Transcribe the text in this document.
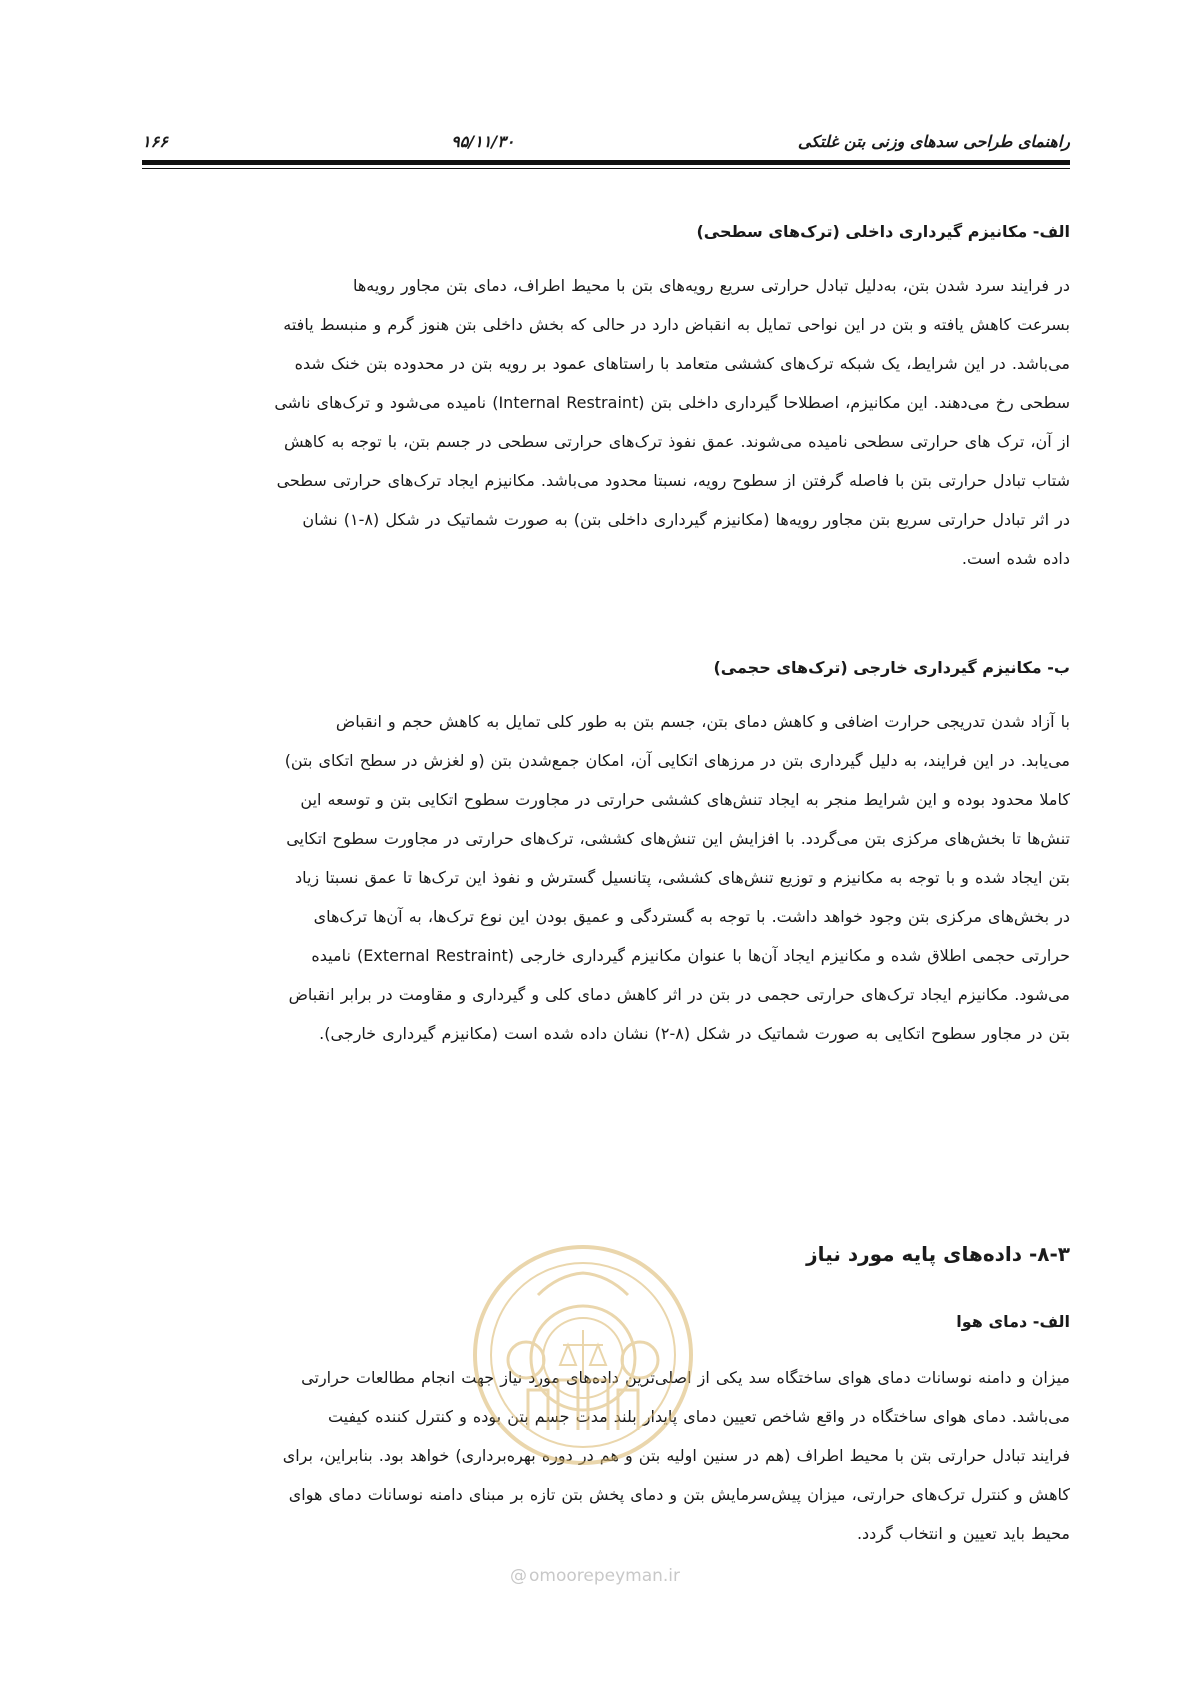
راهنمای طراحی سدهای وزنی بتن غلتکی
۹۵/۱۱/۳۰
۱۶۶
الف- مکانیزم گیرداری داخلی (ترک‌های سطحی)

در فرایند سرد شدن بتن، به‌دلیل تبادل حرارتی سریع رویه‌های بتن با محیط اطراف، دمای بتن مجاور رویه‌ها

بسرعت کاهش یافته و بتن در این نواحی تمایل به انقباض دارد در حالی که بخش داخلی بتن هنوز گرم و منبسط یافته

می‌باشد. در این شرایط، یک شبکه ترک‌های کششی متعامد با راستاهای عمود بر رویه بتن در محدوده بتن خنک شده

سطحی رخ می‌دهند. این مکانیزم، اصطلاحا گیرداری داخلی بتن (Internal Restraint) نامیده می‌شود و ترک‌های ناشی

از آن، ترک های حرارتی سطحی نامیده می‌شوند. عمق نفوذ ترک‌های حرارتی سطحی در جسم بتن، با توجه به کاهش

شتاب تبادل حرارتی بتن با فاصله گرفتن از سطوح رویه، نسبتا محدود می‌باشد. مکانیزم ایجاد ترک‌های حرارتی سطحی

در اثر تبادل حرارتی سریع بتن مجاور رویه‌ها (مکانیزم گیرداری داخلی بتن) به صورت شماتیک در شکل (۸-۱) نشان

داده شده است.

ب- مکانیزم گیرداری خارجی (ترک‌های حجمی)

با آزاد شدن تدریجی حرارت اضافی و کاهش دمای بتن، جسم بتن به طور کلی تمایل به کاهش حجم و انقباض

می‌یابد. در این فرایند، به دلیل گیرداری بتن در مرزهای اتکایی آن، امکان جمع‌شدن بتن (و لغزش در سطح اتکای بتن)

کاملا محدود بوده و این شرایط منجر به ایجاد تنش‌های کششی حرارتی در مجاورت سطوح اتکایی بتن و توسعه این

تنش‌ها تا بخش‌های مرکزی بتن می‌گردد. با افزایش این تنش‌های کششی، ترک‌های حرارتی در مجاورت سطوح اتکایی

بتن ایجاد شده و با توجه به مکانیزم و توزیع تنش‌های کششی، پتانسیل گسترش و نفوذ این ترک‌ها تا عمق نسبتا زیاد

در بخش‌های مرکزی بتن وجود خواهد داشت. با توجه به گستردگی و عمیق بودن این نوع ترک‌ها، به آن‌ها ترک‌های

حرارتی حجمی اطلاق شده و مکانیزم ایجاد آن‌ها با عنوان مکانیزم گیرداری خارجی (External Restraint) نامیده

می‌شود. مکانیزم ایجاد ترک‌های حرارتی حجمی در بتن در اثر کاهش دمای کلی و گیرداری و مقاومت در برابر انقباض

بتن در مجاور سطوح اتکایی به صورت شماتیک در شکل (۸-۲) نشان داده شده است (مکانیزم گیرداری خارجی).

۸-۳- داده‌های پایه مورد نیاز
الف- دمای هوا

میزان و دامنه نوسانات دمای هوای ساختگاه سد یکی از اصلی‌ترین داده‌های مورد نیاز جهت انجام مطالعات حرارتی

می‌باشد. دمای هوای ساختگاه در واقع شاخص تعیین دمای پایدار بلند مدت جسم بتن بوده و کنترل کننده کیفیت

فرایند تبادل حرارتی بتن با محیط اطراف (هم در سنین اولیه بتن و هم در دوره بهره‌برداری) خواهد بود. بنابراین، برای

کاهش و کنترل ترک‌های حرارتی، میزان پیش‌سرمایش بتن و دمای پخش بتن تازه بر مبنای دامنه نوسانات دمای هوای

محیط باید تعیین و انتخاب گردد.

@ omoorepeyman.ir
